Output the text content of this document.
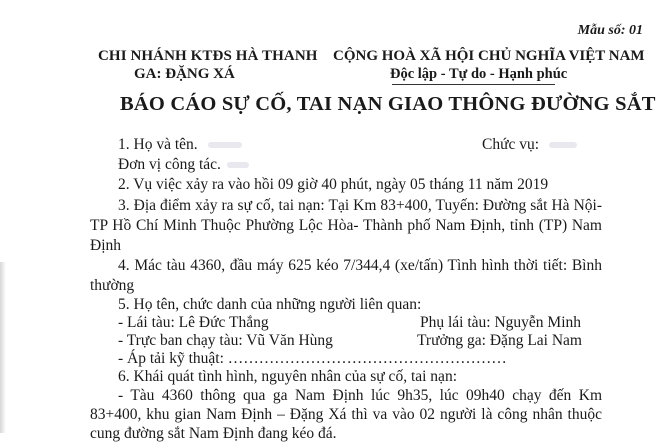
Mẫu số: 01
CHI NHÁNH KTĐS HÀ THANH
GA: ĐẶNG XÁ
CỘNG HOÀ XÃ HỘI CHỦ NGHĨA VIỆT NAM
Độc lập - Tự do - Hạnh phúc
BÁO CÁO SỰ CỐ, TAI NẠN GIAO THÔNG ĐƯỜNG SẮT
1. Họ và tên.	Chức vụ:
Đơn vị công tác.
2. Vụ việc xảy ra vào hồi 09 giờ 40 phút, ngày 05 tháng 11 năm 2019
3. Địa điểm xảy ra sự cố, tai nạn: Tại Km 83+400, Tuyến: Đường sắt Hà Nội- TP Hồ Chí Minh Thuộc Phường Lộc Hòa- Thành phố Nam Định, tỉnh (TP) Nam Định
4. Mác tàu 4360, đầu máy 625 kéo 7/344,4 (xe/tấn) Tình hình thời tiết: Bình thường
5. Họ tên, chức danh của những người liên quan:
- Lái tàu: Lê Đức Thắng	Phụ lái tàu: Nguyễn Minh
- Trực ban chạy tàu: Vũ Văn Hùng	Trưởng ga: Đặng Lai Nam
- Áp tải kỹ thuật: ………………………………………………
6. Khái quát tình hình, nguyên nhân của sự cố, tai nạn:
- Tàu 4360 thông qua ga Nam Định lúc 9h35, lúc 09h40 chạy đến Km 83+400, khu gian Nam Định – Đặng Xá thì va vào 02 người là công nhân thuộc cung đường sắt Nam Định đang kéo đá.
